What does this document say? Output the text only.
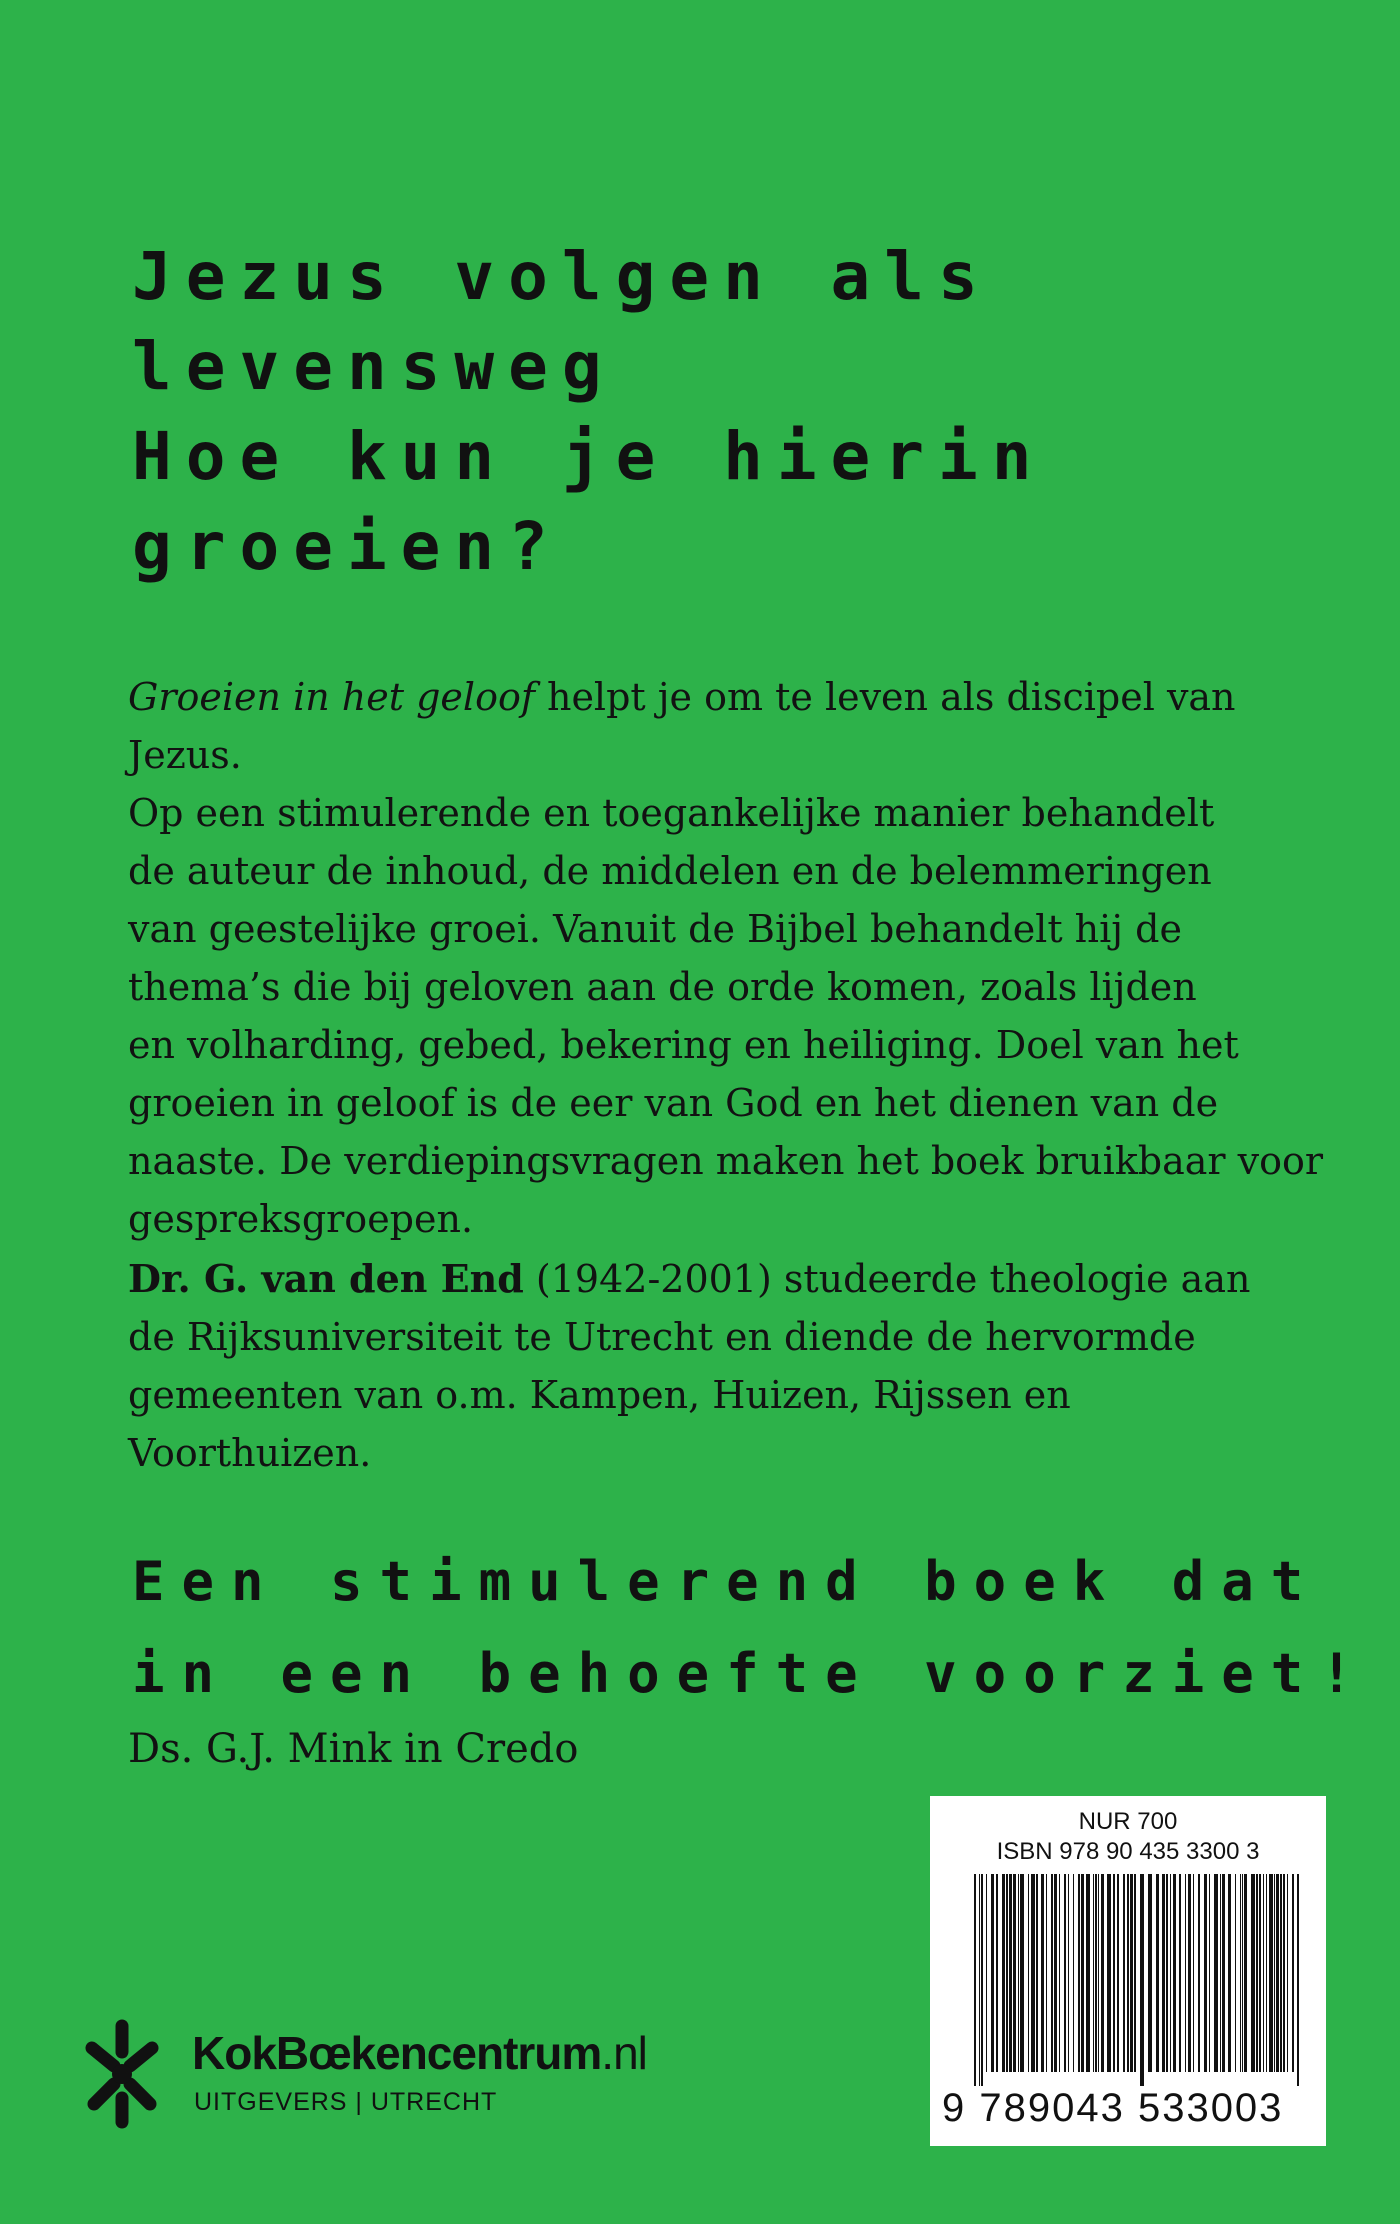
Jezus volgen als
levensweg
Hoe kun je hierin
groeien?
Groeien in het geloof helpt je om te leven als discipel van Jezus.
Op een stimulerende en toegankelijke manier behandelt
de auteur de inhoud, de middelen en de belemmeringen
van geestelijke groei. Vanuit de Bijbel behandelt hij de
thema’s die bij geloven aan de orde komen, zoals lijden
en volharding, gebed, bekering en heiliging. Doel van het
groeien in geloof is de eer van God en het dienen van de
naaste. De verdiepingsvragen maken het boek bruikbaar voor
gespreksgroepen.
Dr. G. van den End (1942-2001) studeerde theologie aan
de Rijksuniversiteit te Utrecht en diende de hervormde
gemeenten van o.m. Kampen, Huizen, Rijssen en
Voorthuizen.
Een stimulerend boek dat
in een behoefte voorziet!
Ds. G.J. Mink in Credo
NUR 700
ISBN 978 90 435 3300 3
9 789043 533003
KokBœkencentrum.nl
UITGEVERS | UTRECHT
